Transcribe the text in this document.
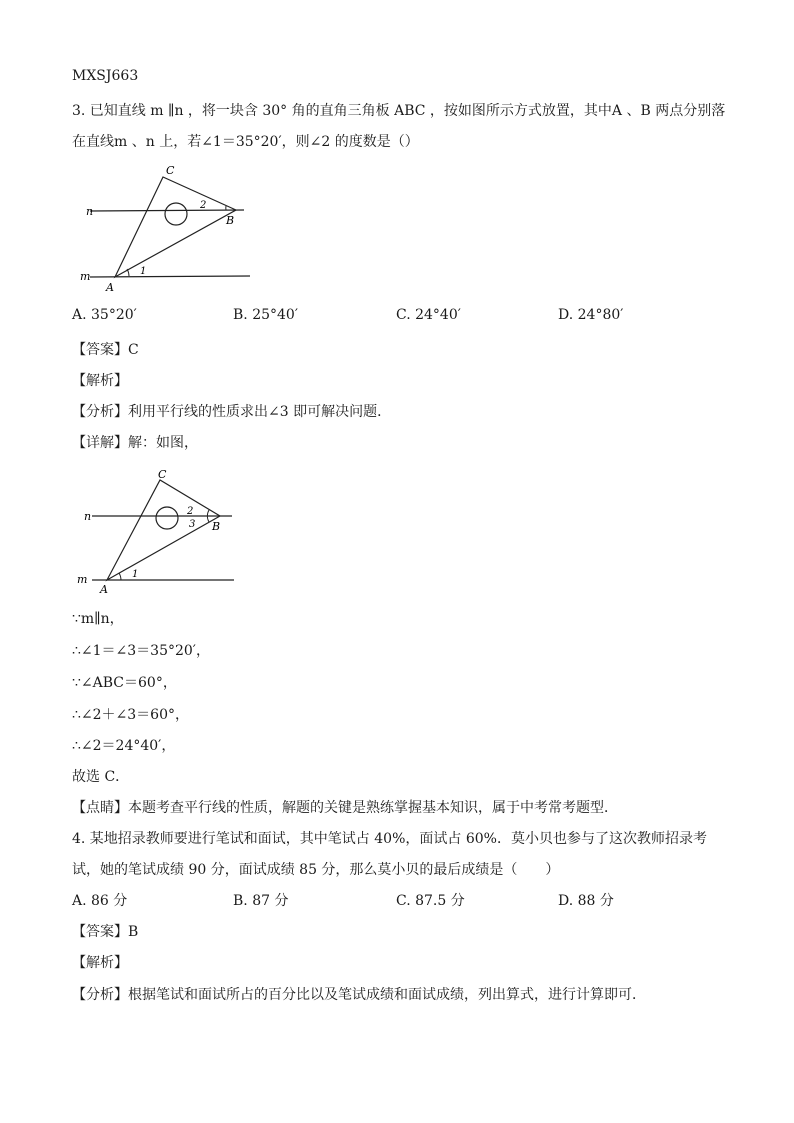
MXSJ663
3. 已知直线 m ∥n ，将一块含 30° 角的直角三角板 ABC ，按如图所示方式放置，其中A 、B 两点分别落
在直线m 、n 上，若∠1＝35°20′，则∠2 的度数是（）
C
B
A
n
m	1
2
A. 35°20′	B. 25°40′	C. 24°40′	D. 24°80′
【答案】C
【解析】
【分析】利用平行线的性质求出∠3 即可解决问题．
【详解】解：如图，
C
B
A
n
m	1
2
3
∵m∥n，
∴∠1＝∠3＝35°20′，
∵∠ABC＝60°，
∴∠2＋∠3＝60°，
∴∠2＝24°40′，
故选 C．
【点睛】本题考查平行线的性质，解题的关键是熟练掌握基本知识，属于中考常考题型．
4. 某地招录教师要进行笔试和面试，其中笔试占 40%，面试占 60%．莫小贝也参与了这次教师招录考
试，她的笔试成绩 90 分，面试成绩 85 分，那么莫小贝的最后成绩是（　　）
A. 86 分	B. 87 分	C. 87.5 分	D. 88 分
【答案】B
【解析】
【分析】根据笔试和面试所占的百分比以及笔试成绩和面试成绩，列出算式，进行计算即可．
